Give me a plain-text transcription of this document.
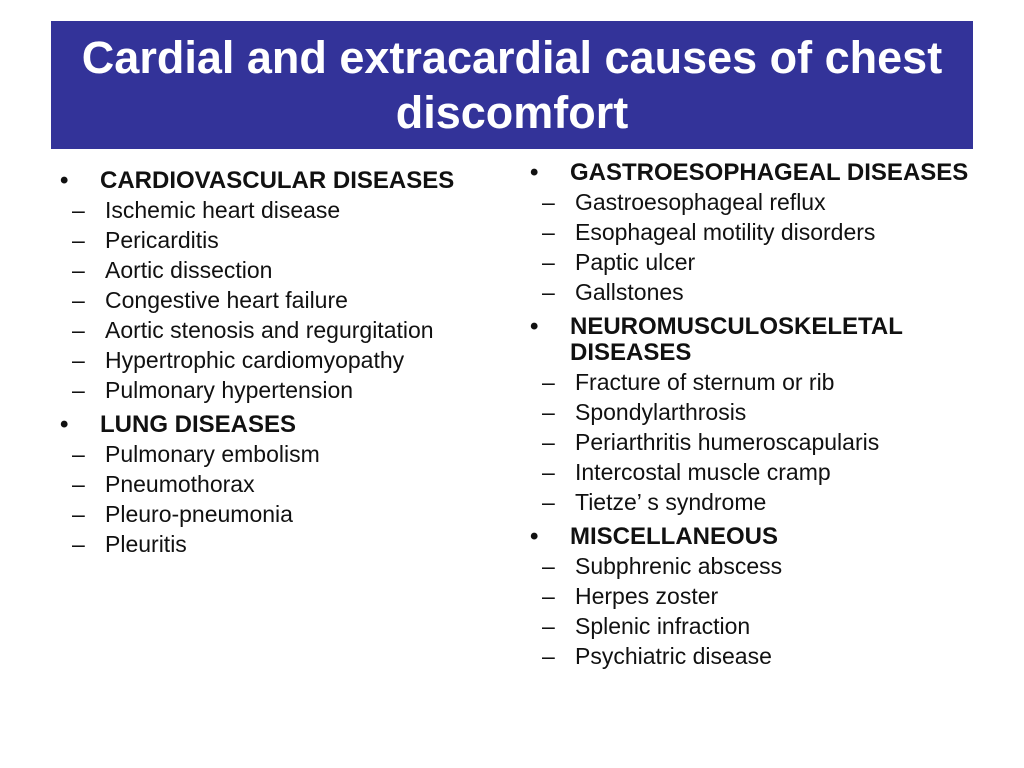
Cardial and extracardial causes of chest discomfort
•	CARDIOVASCULAR DISEASES
– Ischemic heart disease
– Pericarditis
– Aortic dissection
– Congestive heart failure
– Aortic stenosis and regurgitation
– Hypertrophic cardiomyopathy
– Pulmonary hypertension
•	LUNG DISEASES
– Pulmonary embolism
– Pneumothorax
– Pleuro-pneumonia
– Pleuritis
•	GASTROESOPHAGEAL DISEASES
– Gastroesophageal reflux
– Esophageal motility disorders
– Paptic ulcer
– Gallstones
•	NEUROMUSCULOSKELETAL DISEASES
– Fracture of sternum or rib
– Spondylarthrosis
– Periarthritis humeroscapularis
– Intercostal muscle cramp
– Tietze’ s syndrome
•	MISCELLANEOUS
– Subphrenic abscess
– Herpes zoster
– Splenic infraction
– Psychiatric disease
